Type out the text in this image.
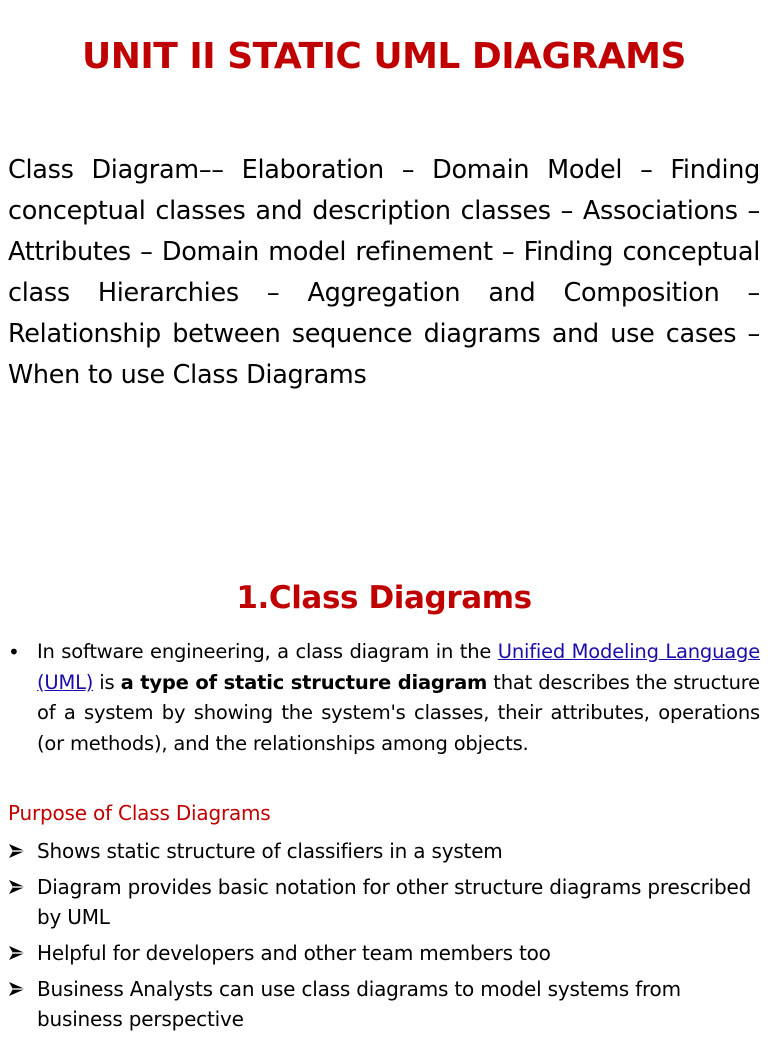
UNIT II STATIC UML DIAGRAMS

Class Diagram–– Elaboration – Domain Model – Finding conceptual classes and description classes – Associations – Attributes – Domain model refinement – Finding conceptual class Hierarchies – Aggregation and Composition – Relationship between sequence diagrams and use cases – When to use Class Diagrams

1.Class Diagrams
• In software engineering, a class diagram in the Unified Modeling Language (UML) is a type of static structure diagram that describes the structure of a system by showing the system's classes, their attributes, operations (or methods), and the relationships among objects.
Purpose of Class Diagrams
Shows static structure of classifiers in a system
Diagram provides basic notation for other structure diagrams prescribed by UML
Helpful for developers and other team members too
Business Analysts can use class diagrams to model systems from business perspective
